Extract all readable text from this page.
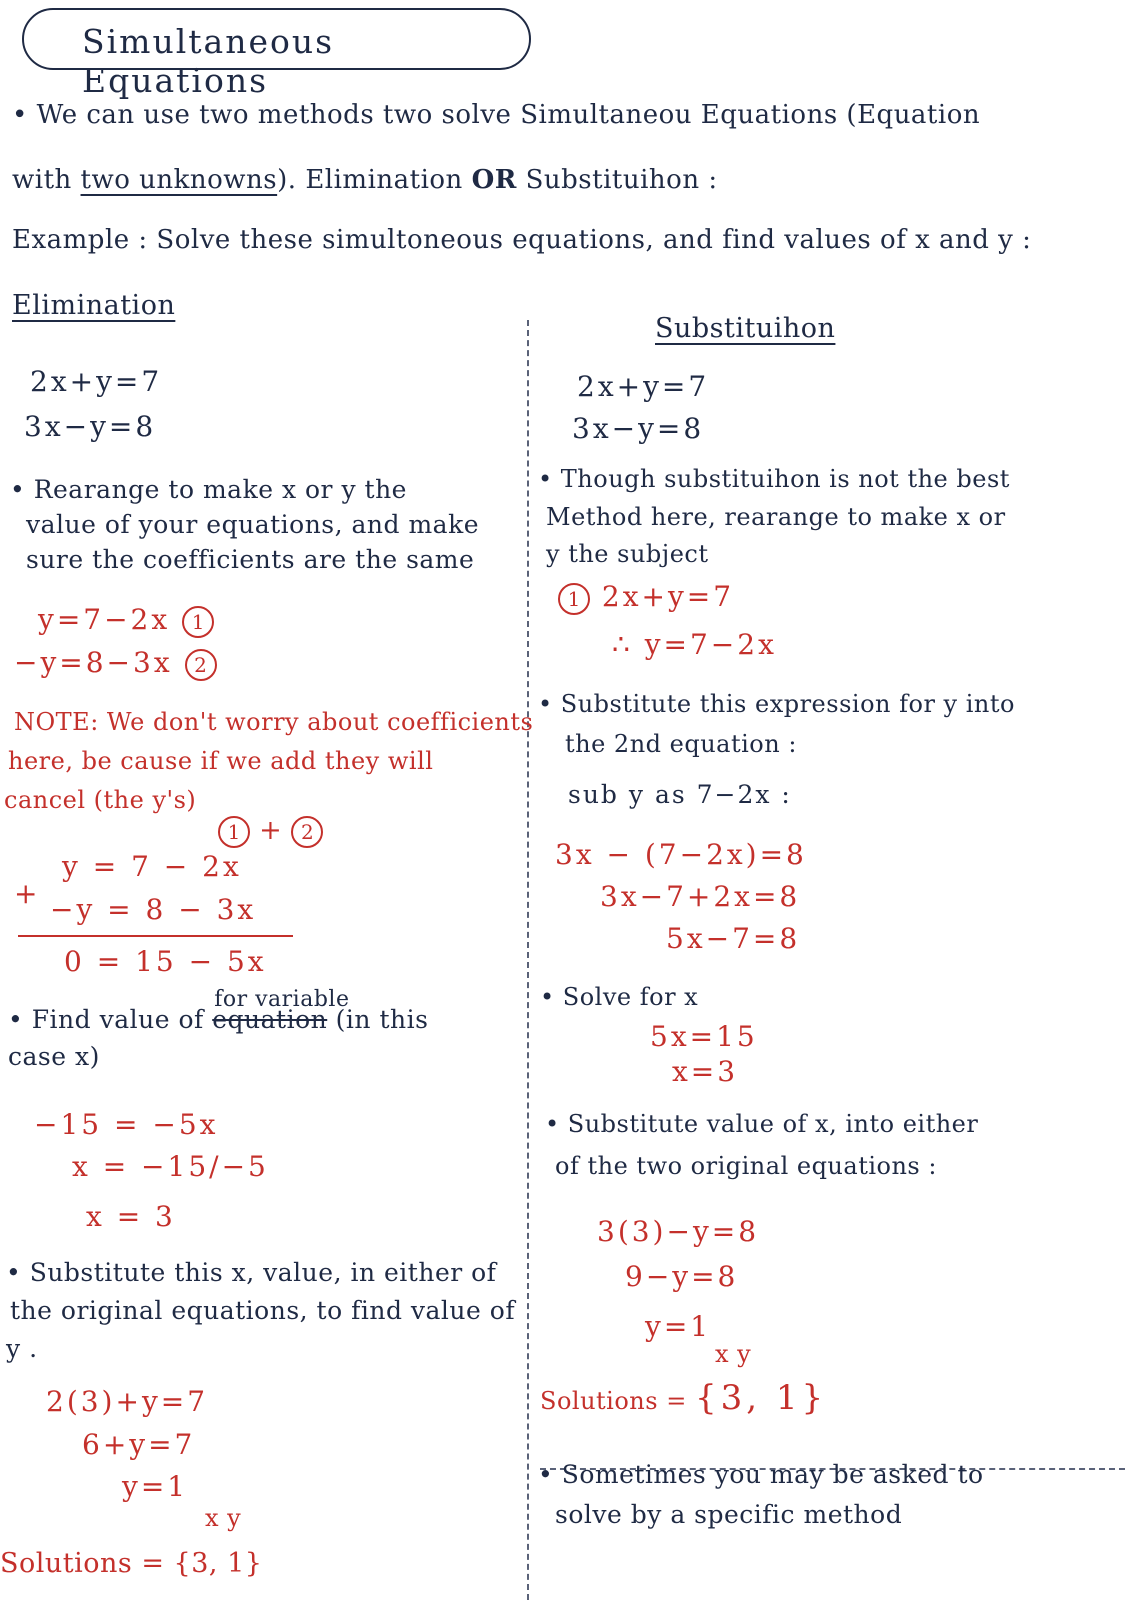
Simultaneous Equations
• We can use two methods two solve Simultaneou Equations (Equation
with two unknowns). Elimination OR Substituihon :
Example : Solve these simultoneous equations, and find values of x and y :
Elimination
2x+y=7
3x−y=8
• Rearange to make x or y the
value of your equations, and make
sure the coefficients are the same
y=7−2x 1
−y=8−3x 2
NOTE: We don't worry about coefficients
here, be cause if we add they will
cancel (the y's)
1 + 2
y = 7 − 2x
+ −y = 8 − 3x
0 = 15 − 5x
• Find value of
for variable
equation (in this
case x)
−15 = −5x
x = −15/−5
x = 3
• Substitute this x, value, in either of
the original equations, to find value of
y .
2(3)+y=7
6+y=7
y=1
x y
Solutions = {3, 1}
Substituihon
2x+y=7
3x−y=8
• Though substituihon is not the best
Method here, rearange to make x or
y the subject
1 2x+y=7
∴ y=7−2x
• Substitute this expression for y into
the 2nd equation :
sub y as 7−2x :
3x − (7−2x)=8
3x−7+2x=8
5x−7=8
• Solve for x
5x=15
x=3
• Substitute value of x, into either
of the two original equations :
3(3)−y=8
9−y=8
y=1
x y
Solutions = {3, 1}
• Sometimes you may be asked to
solve by a specific method
